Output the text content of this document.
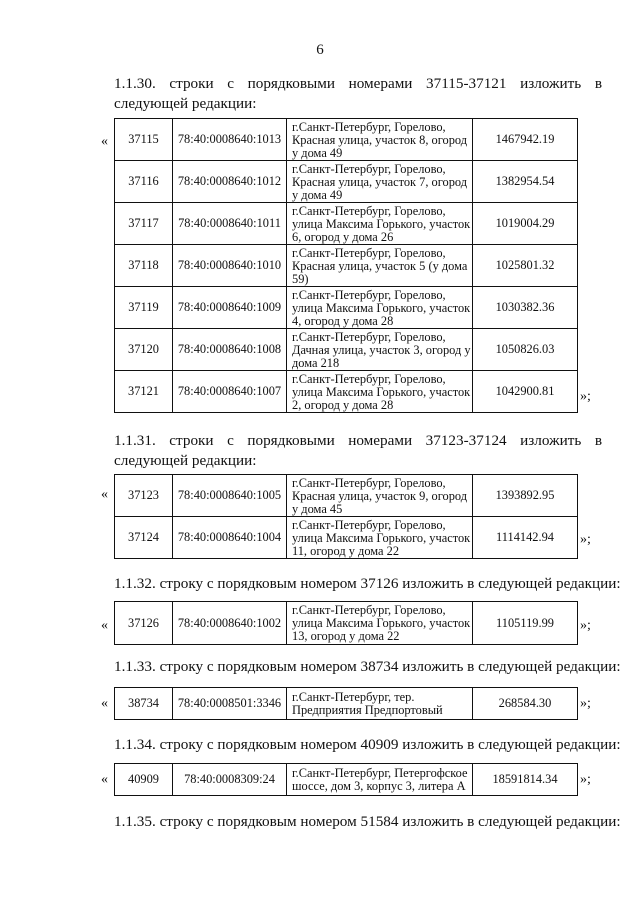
6
1.1.30. строки с порядковыми номерами 37115-37121 изложить в следующей редакции:
« 37115	78:40:0008640:1013	г.Санкт-Петербург, Горелово, Красная улица, участок 8, огород у дома 49	1467942.19
37116	78:40:0008640:1012	г.Санкт-Петербург, Горелово, Красная улица, участок 7, огород у дома 49	1382954.54
37117	78:40:0008640:1011	г.Санкт-Петербург, Горелово, улица Максима Горького, участок 6, огород у дома 26	1019004.29
37118	78:40:0008640:1010	г.Санкт-Петербург, Горелово, Красная улица, участок 5 (у дома 59)	1025801.32
37119	78:40:0008640:1009	г.Санкт-Петербург, Горелово, улица Максима Горького, участок 4, огород у дома 28	1030382.36
37120	78:40:0008640:1008	г.Санкт-Петербург, Горелово, Дачная улица, участок 3, огород у дома 218	1050826.03
37121	78:40:0008640:1007	г.Санкт-Петербург, Горелово, улица Максима Горького, участок 2, огород у дома 28	1042900.81 »;
1.1.31. строки с порядковыми номерами 37123-37124 изложить в следующей редакции:
« 37123	78:40:0008640:1005	г.Санкт-Петербург, Горелово, Красная улица, участок 9, огород у дома 45	1393892.95
37124	78:40:0008640:1004	г.Санкт-Петербург, Горелово, улица Максима Горького, участок 11, огород у дома 22	1114142.94 »;
1.1.32. строку с порядковым номером 37126 изложить в следующей редакции:
« 37126	78:40:0008640:1002	г.Санкт-Петербург, Горелово, улица Максима Горького, участок 13, огород у дома 22	1105119.99 »;
1.1.33. строку с порядковым номером 38734 изложить в следующей редакции:
« 38734	78:40:0008501:3346	г.Санкт-Петербург, тер. Предприятия Предпортовый	268584.30 »;
1.1.34. строку с порядковым номером 40909 изложить в следующей редакции:
« 40909	78:40:0008309:24	г.Санкт-Петербург, Петергофское шоссе, дом 3, корпус 3, литера А	18591814.34 »;
1.1.35. строку с порядковым номером 51584 изложить в следующей редакции:
